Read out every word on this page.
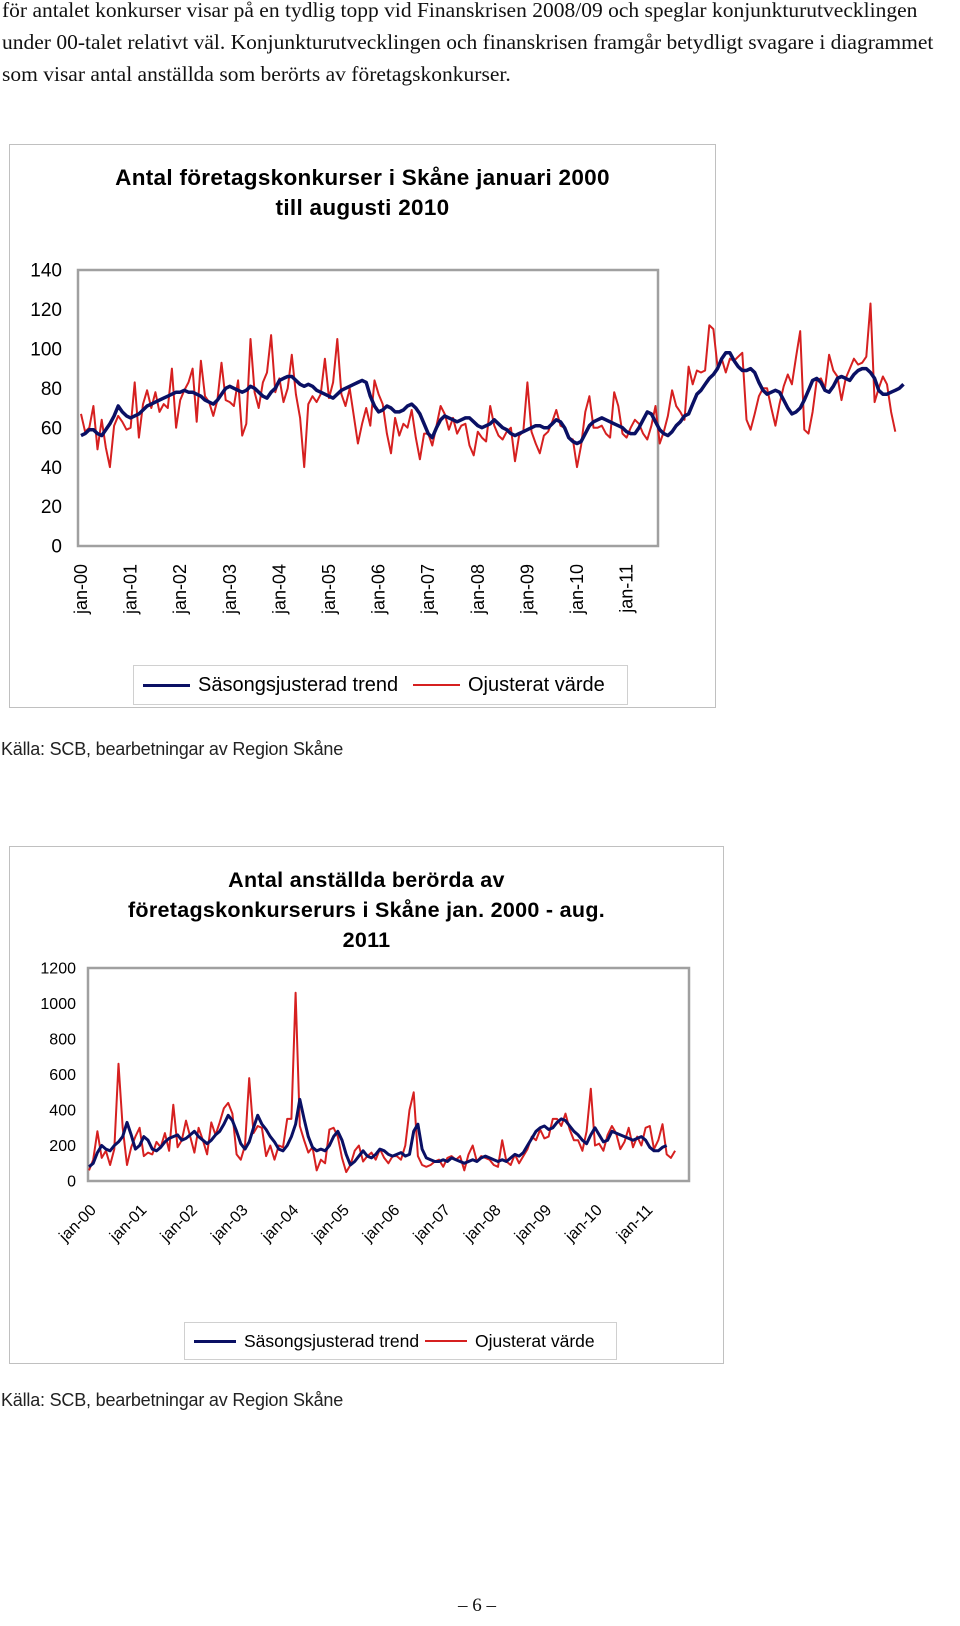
för antalet konkurser visar på en tydlig topp vid Finanskrisen 2008/09 och speglar konjunkturutvecklingen under 00-talet relativt väl. Konjunkturutvecklingen och finanskrisen framgår betydligt svagare i diagrammet som visar antal anställda som berörts av företagskonkurser.

Antal företagskonkurser i Skåne januari 2000
till augusti 2010
0
20
40
60
80
100
120
140
jan-00 jan-01 jan-02 jan-03 jan-04 jan-05 jan-06 jan-07 jan-08 jan-09 jan-10 jan-11
Säsongsjusterad trend	Ojusterat värde

Källa: SCB, bearbetningar av Region Skåne

Antal anställda berörda av
företagskonkurserurs i Skåne jan. 2000 - aug.
2011
0
200
400
600
800
1000
1200
jan-00 jan-01 jan-02 jan-03 jan-04 jan-05 jan-06 jan-07 jan-08 jan-09 jan-10 jan-11
Säsongsjusterad trend	Ojusterat värde

Källa: SCB, bearbetningar av Region Skåne

– 6 –
